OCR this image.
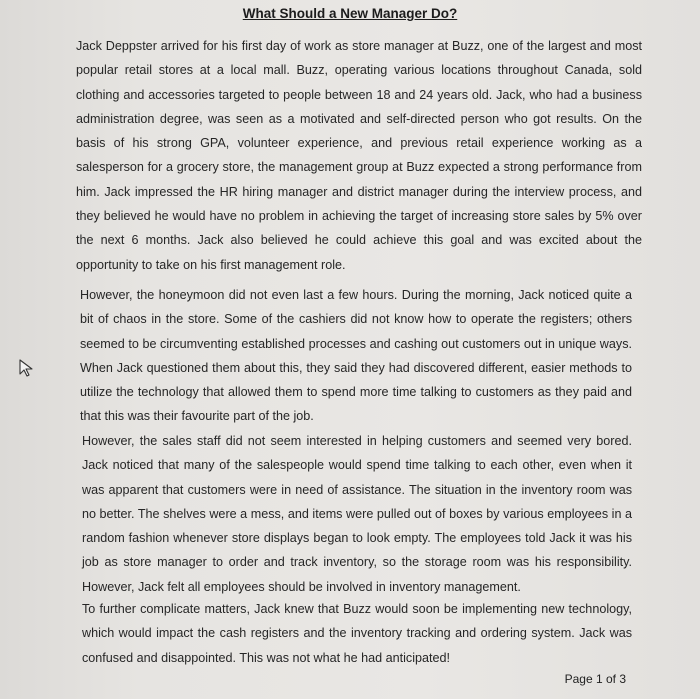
What Should a New Manager Do?

Jack Deppster arrived for his first day of work as store manager at Buzz, one of the largest and most popular retail stores at a local mall. Buzz, operating various locations throughout Canada, sold clothing and accessories targeted to people between 18 and 24 years old. Jack, who had a business administration degree, was seen as a motivated and self-directed person who got results. On the basis of his strong GPA, volunteer experience, and previous retail experience working as a salesperson for a grocery store, the management group at Buzz expected a strong performance from him. Jack impressed the HR hiring manager and district manager during the interview process, and they believed he would have no problem in achieving the target of increasing store sales by 5% over the next 6 months. Jack also believed he could achieve this goal and was excited about the opportunity to take on his first management role.

However, the honeymoon did not even last a few hours. During the morning, Jack noticed quite a bit of chaos in the store. Some of the cashiers did not know how to operate the registers; others seemed to be circumventing established processes and cashing out customers out in unique ways. When Jack questioned them about this, they said they had discovered different, easier methods to utilize the technology that allowed them to spend more time talking to customers as they paid and that this was their favourite part of the job.

However, the sales staff did not seem interested in helping customers and seemed very bored. Jack noticed that many of the salespeople would spend time talking to each other, even when it was apparent that customers were in need of assistance. The situation in the inventory room was no better. The shelves were a mess, and items were pulled out of boxes by various employees in a random fashion whenever store displays began to look empty. The employees told Jack it was his job as store manager to order and track inventory, so the storage room was his responsibility. However, Jack felt all employees should be involved in inventory management.

To further complicate matters, Jack knew that Buzz would soon be implementing new technology, which would impact the cash registers and the inventory tracking and ordering system. Jack was confused and disappointed. This was not what he had anticipated!

Page 1 of 3
